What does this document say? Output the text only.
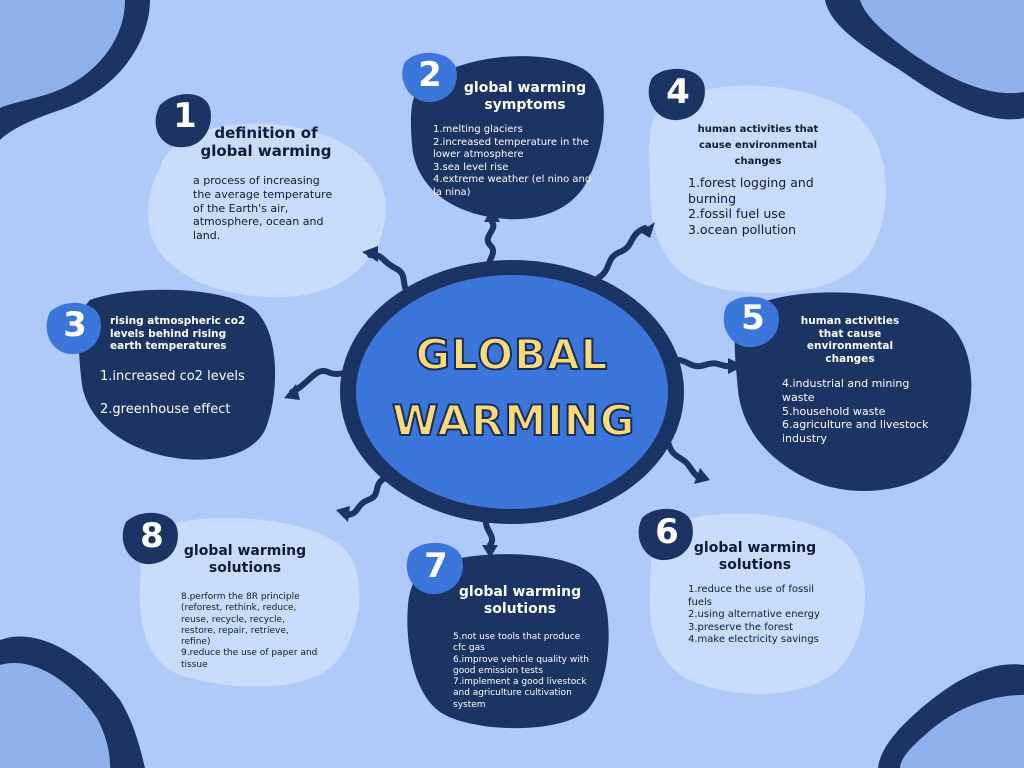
GLOBAL
WARMING
1	definition of
global warming
a process of increasing
the average temperature
of the Earth's air,
atmosphere, ocean and
land.
2	global warming
symptoms
1.melting glaciers
2.increased temperature in the
lower atmosphere
3.sea level rise
4.extreme weather (el nino and
la nina)
3	rising atmospheric co2
levels behind rising
earth temperatures
1.increased co2 levels

2.greenhouse effect
4
human activities that
cause environmental
changes
1.forest logging and
burning
2.fossil fuel use
3.ocean pollution
5	human activities
that cause
environmental
changes
4.industrial and mining
waste
5.household waste
6.agriculture and livestock
industry
6	global warming
solutions
1.reduce the use of fossil
fuels
2.using alternative energy
3.preserve the forest
4.make electricity savings
7
global warming
solutions
5.not use tools that produce
cfc gas
6.improve vehicle quality with
good emission tests
7.implement a good livestock
and agriculture cultivation
system
8	global warming
solutions
8.perform the 8R principle
(reforest, rethink, reduce,
reuse, recycle, recycle,
restore, repair, retrieve,
refine)
9.reduce the use of paper and
tissue
